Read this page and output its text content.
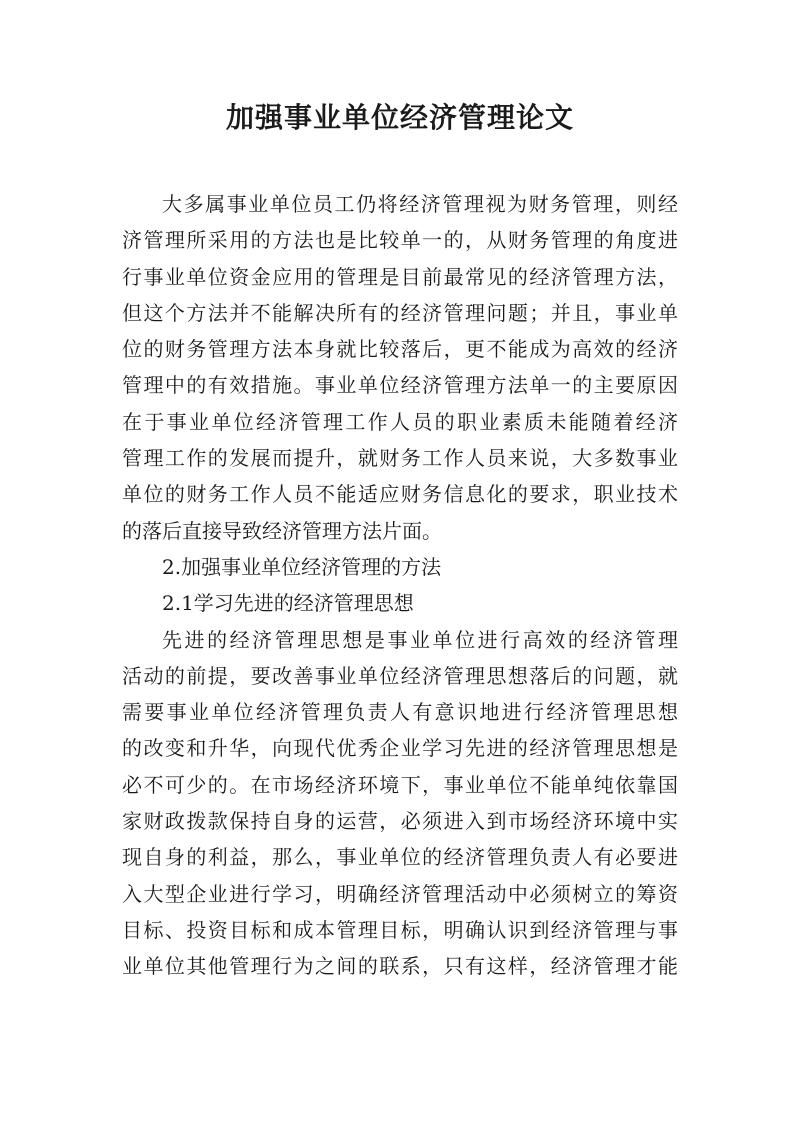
加强事业单位经济管理论文
大多属事业单位员工仍将经济管理视为财务管理，则经
济管理所采用的方法也是比较单一的，从财务管理的角度进
行事业单位资金应用的管理是目前最常见的经济管理方法，
但这个方法并不能解决所有的经济管理问题；并且，事业单
位的财务管理方法本身就比较落后，更不能成为高效的经济
管理中的有效措施。事业单位经济管理方法单一的主要原因
在于事业单位经济管理工作人员的职业素质未能随着经济
管理工作的发展而提升，就财务工作人员来说，大多数事业
单位的财务工作人员不能适应财务信息化的要求，职业技术
的落后直接导致经济管理方法片面。
2.加强事业单位经济管理的方法
2.1学习先进的经济管理思想
先进的经济管理思想是事业单位进行高效的经济管理
活动的前提，要改善事业单位经济管理思想落后的问题，就
需要事业单位经济管理负责人有意识地进行经济管理思想
的改变和升华，向现代优秀企业学习先进的经济管理思想是
必不可少的。在市场经济环境下，事业单位不能单纯依靠国
家财政拨款保持自身的运营，必须进入到市场经济环境中实
现自身的利益，那么，事业单位的经济管理负责人有必要进
入大型企业进行学习，明确经济管理活动中必须树立的筹资
目标、投资目标和成本管理目标，明确认识到经济管理与事
业单位其他管理行为之间的联系，只有这样，经济管理才能
